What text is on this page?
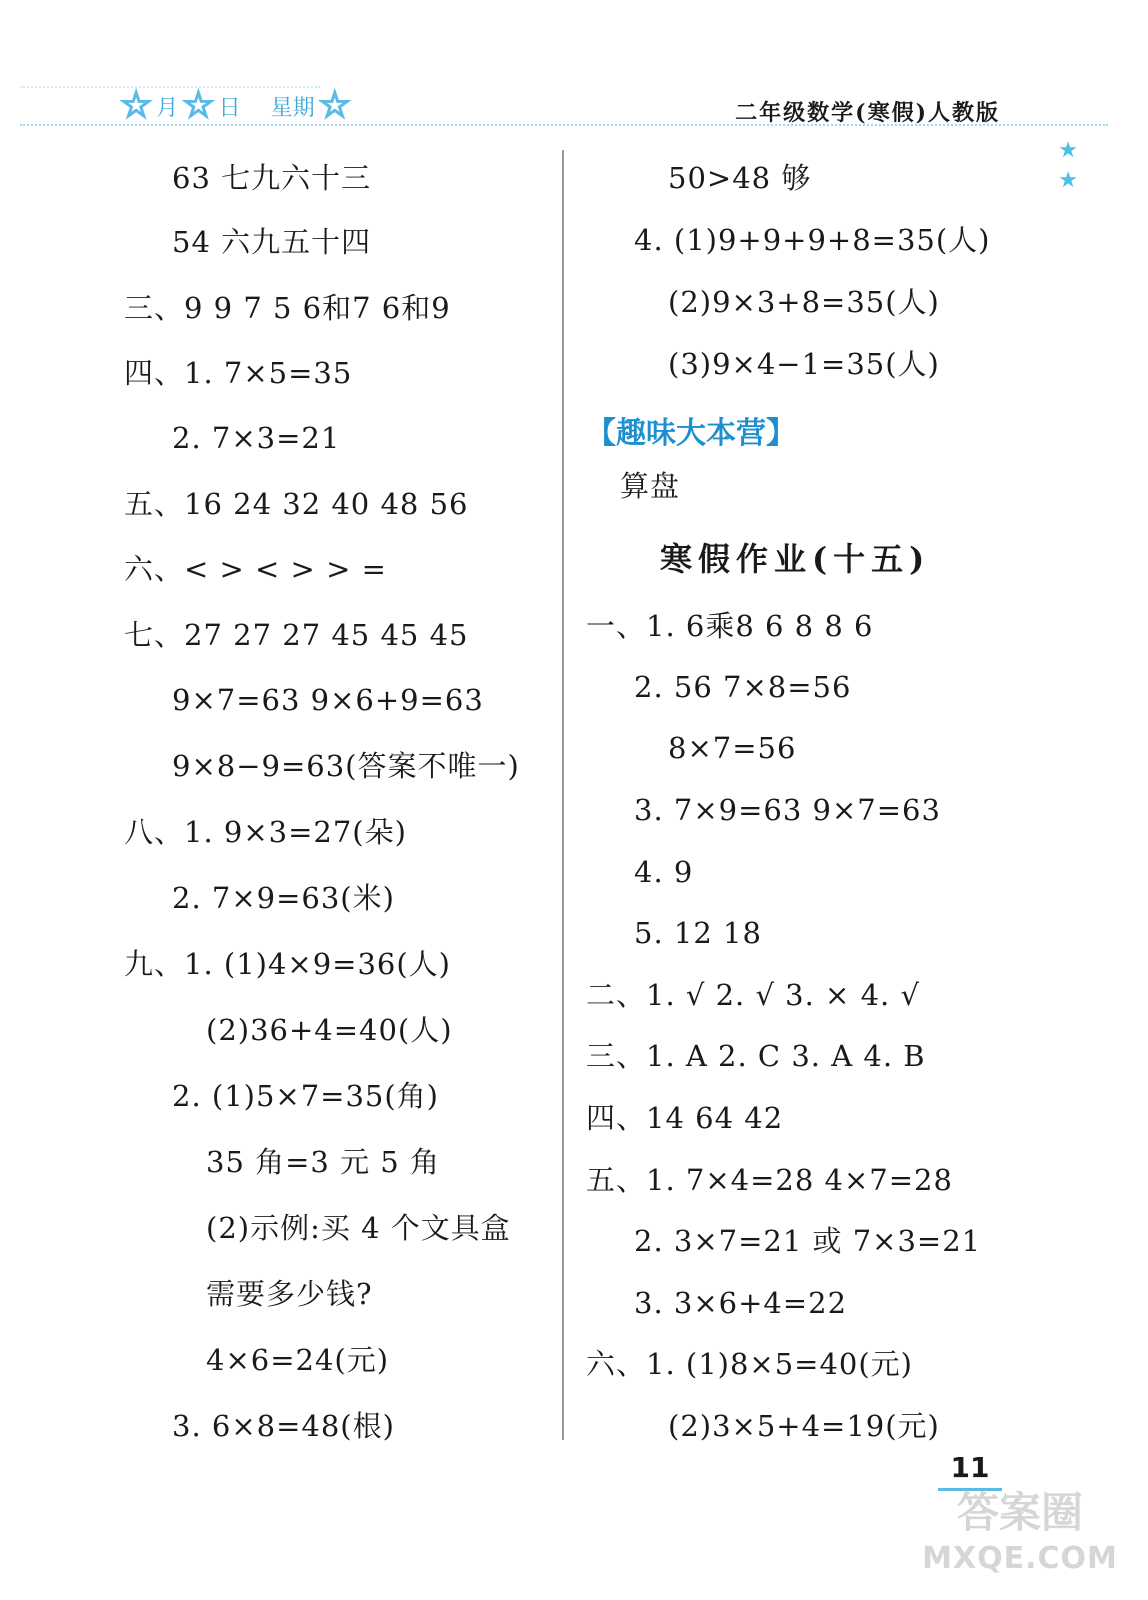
☆ 月 ☆ 日 星期 ☆	二年级数学(寒假)人教版
★
★
63 七九六十三
54 六九五十四
三、9 9 7 5 6和7 6和9
四、1. 7×5=35
2. 7×3=21
五、16 24 32 40 48 56
六、< > < > > =
七、27 27 27 45 45 45
9×7=63 9×6+9=63
9×8−9=63(答案不唯一)
八、1. 9×3=27(朵)
2. 7×9=63(米)
九、1. (1)4×9=36(人)
(2)36+4=40(人)
2. (1)5×7=35(角)
35 角=3 元 5 角
(2)示例:买 4 个文具盒
需要多少钱?
4×6=24(元)
3. 6×8=48(根)
50>48 够
4. (1)9+9+9+8=35(人)
(2)9×3+8=35(人)
(3)9×4−1=35(人)
【趣味大本营】
算盘
寒假作业(十五)
一、1. 6乘8 6 8 8 6
2. 56 7×8=56
8×7=56
3. 7×9=63 9×7=63
4. 9
5. 12 18
二、1. √ 2. √ 3. × 4. √
三、1. A 2. C 3. A 4. B
四、14 64 42
五、1. 7×4=28 4×7=28
2. 3×7=21 或 7×3=21
3. 3×6+4=22
六、1. (1)8×5=40(元)
(2)3×5+4=19(元)
11
答案圈
MXQE.COM
